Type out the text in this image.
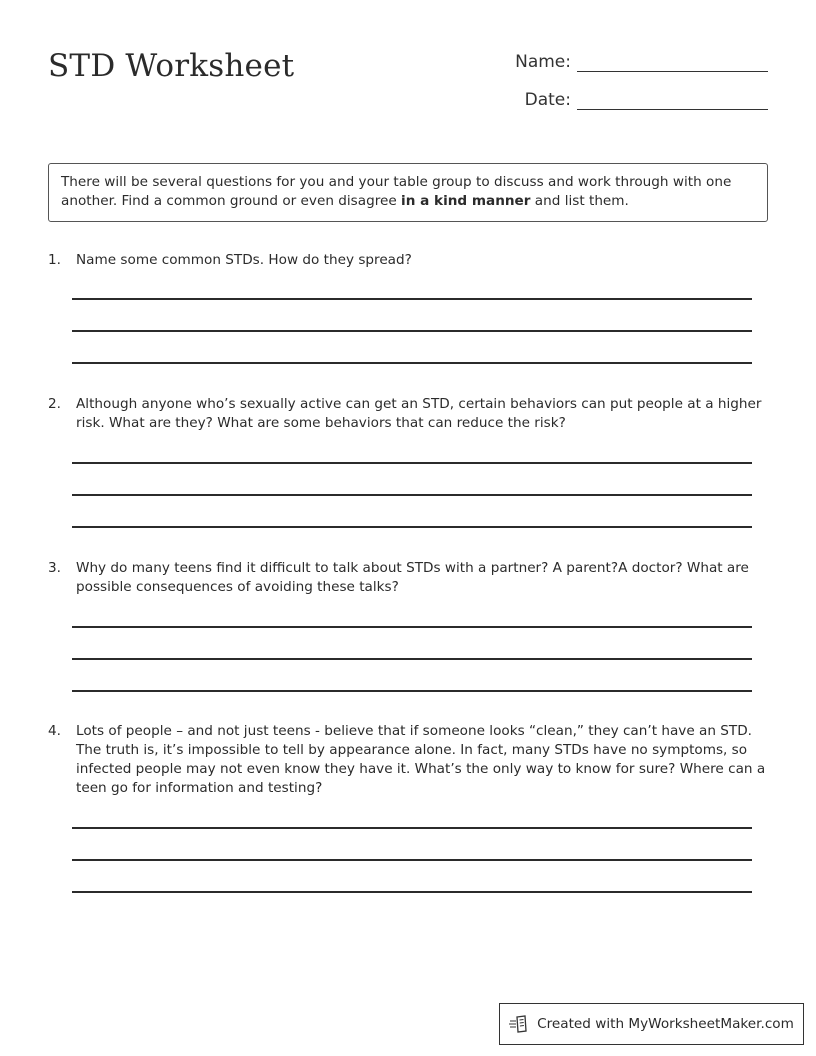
STD Worksheet	Name:
Date:
There will be several questions for you and your table group to discuss and work through with one another. Find a common ground or even disagree in a kind manner and list them.
1.	Name some common STDs. How do they spread?
2.	Although anyone who’s sexually active can get an STD, certain behaviors can put people at a higher risk. What are they? What are some behaviors that can reduce the risk?
3.	Why do many teens find it difficult to talk about STDs with a partner? A parent?A doctor? What are possible consequences of avoiding these talks?
4.	Lots of people – and not just teens - believe that if someone looks “clean,” they can’t have an STD. The truth is, it’s impossible to tell by appearance alone. In fact, many STDs have no symptoms, so infected people may not even know they have it. What’s the only way to know for sure? Where can a teen go for information and testing?
Created with MyWorksheetMaker.com
